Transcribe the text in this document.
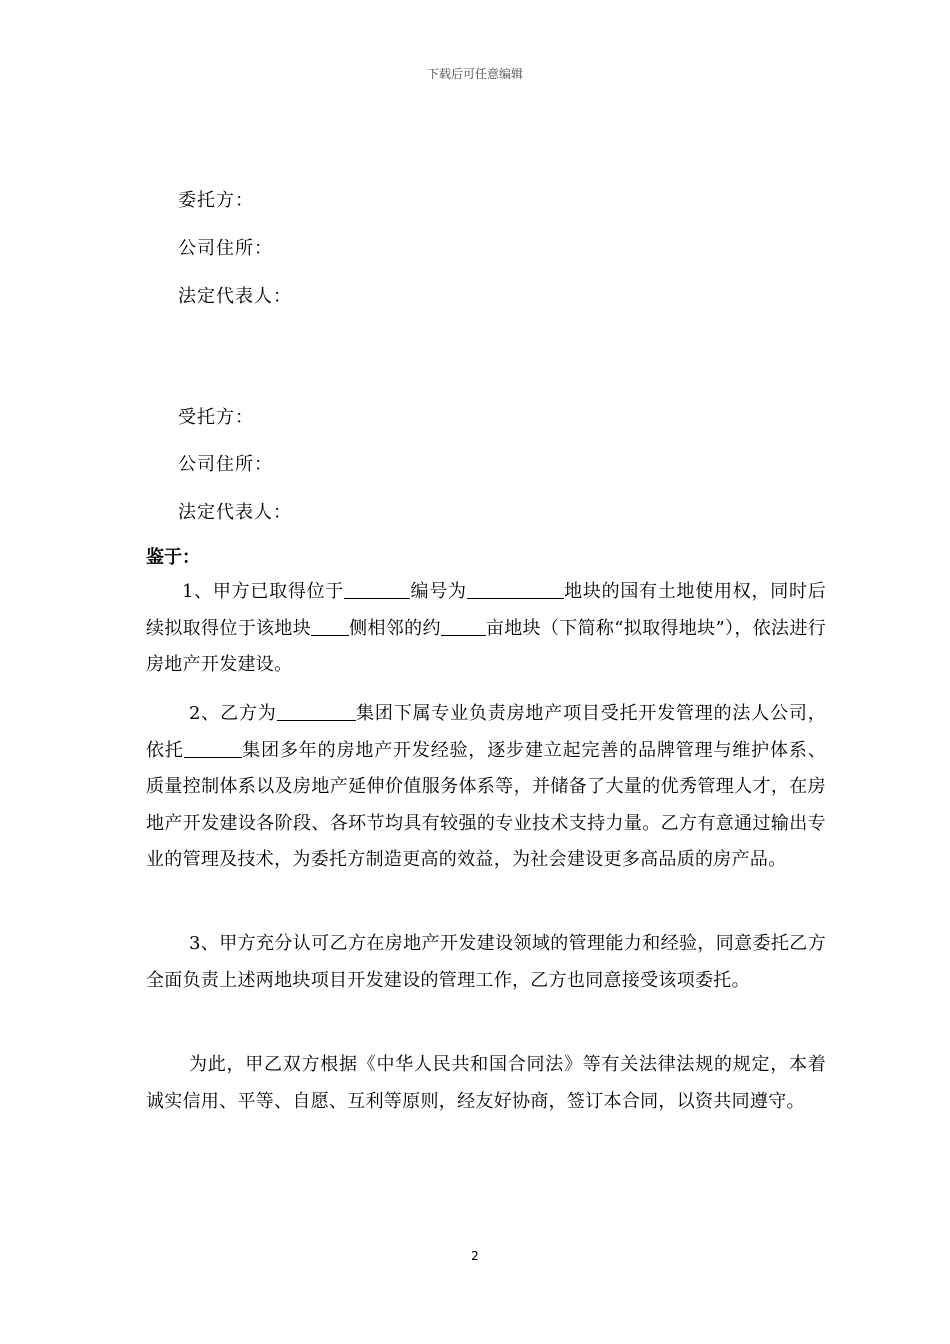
下载后可任意编辑
委托方：
公司住所：
法定代表人：
受托方：
公司住所：
法定代表人：
鉴于：
1、甲方已取得位于	编号为	地块的国有土地使用权，同时后续拟取得位于该地块 侧相邻的约	亩地块（下简称“拟取得地块”），依法进行房地产开发建设。
2、乙方为	集团下属专业负责房地产项目受托开发管理的法人公司，依托	集团多年的房地产开发经验，逐步建立起完善的品牌管理与维护体系、质量控制体系以及房地产延伸价值服务体系等，并储备了大量的优秀管理人才，在房地产开发建设各阶段、各环节均具有较强的专业技术支持力量。乙方有意通过输出专业的管理及技术，为委托方制造更高的效益，为社会建设更多高品质的房产品。
3、甲方充分认可乙方在房地产开发建设领域的管理能力和经验，同意委托乙方全面负责上述两地块项目开发建设的管理工作，乙方也同意接受该项委托。
为此，甲乙双方根据《中华人民共和国合同法》等有关法律法规的规定，本着诚实信用、平等、自愿、互利等原则，经友好协商，签订本合同，以资共同遵守。
2
